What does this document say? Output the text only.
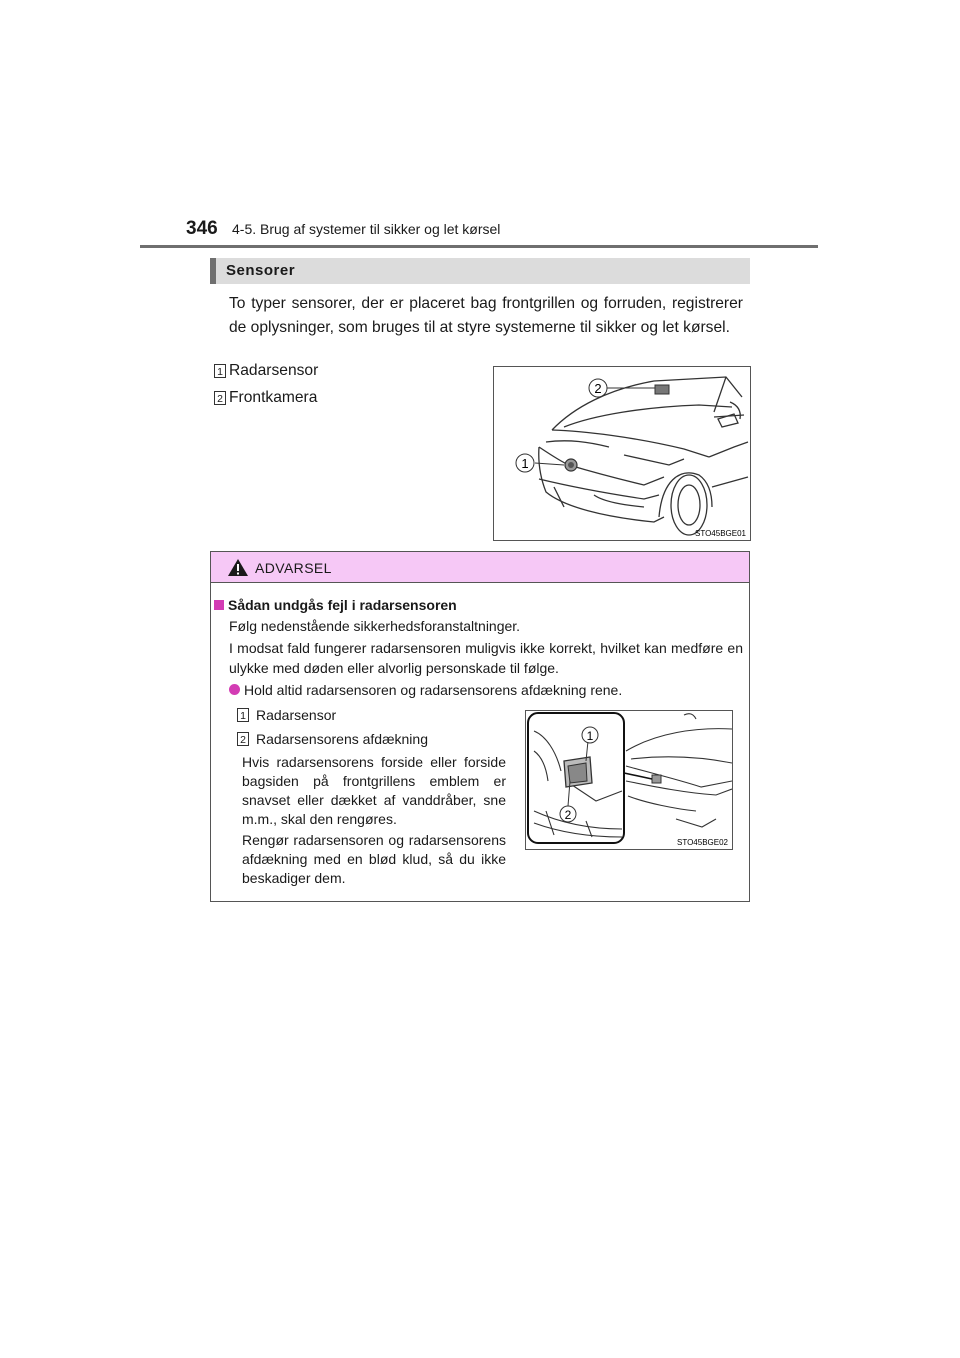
346 4-5. Brug af systemer til sikker og let kørsel
Sensorer
To typer sensorer, der er placeret bag frontgrillen og forruden, registrerer de oplysninger, som bruges til at styre systemerne til sikker og let kørsel.
1 Radarsensor
2 Frontkamera
2
1
STO45BGE01
ADVARSEL
Sådan undgås fejl i radarsensoren
Følg nedenstående sikkerhedsforanstaltninger.
I modsat fald fungerer radarsensoren muligvis ikke korrekt, hvilket kan medføre en ulykke med døden eller alvorlig personskade til følge.
Hold altid radarsensoren og radarsensorens afdækning rene.
1 Radarsensor
2 Radarsensorens afdækning
Hvis radarsensorens forside eller forside bagsiden på frontgrillens emblem er snavset eller dækket af vanddråber, sne m.m., skal den rengøres.
Rengør radarsensoren og radarsensorens afdækning med en blød klud, så du ikke beskadiger dem.
1
2
STO45BGE02
